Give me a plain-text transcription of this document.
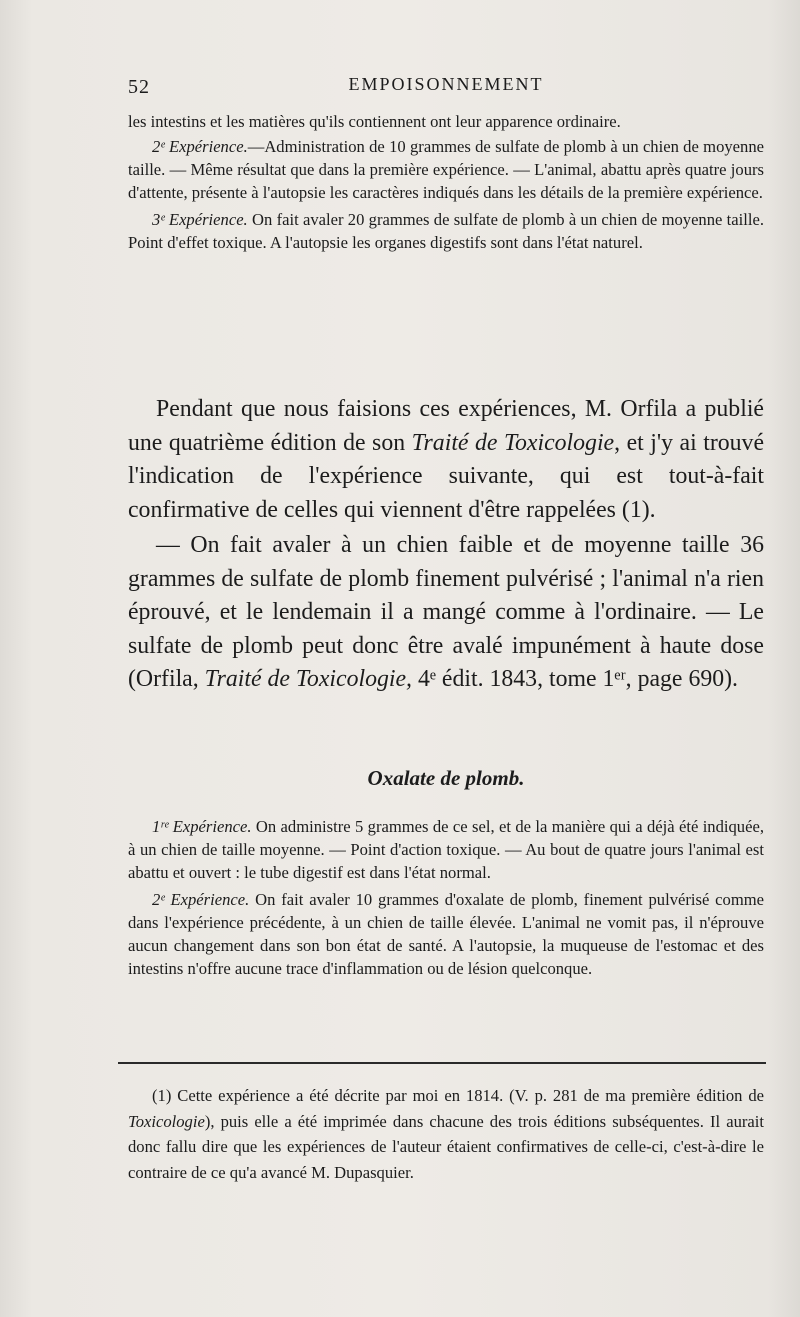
52	EMPOISONNEMENT

les intestins et les matières qu'ils contiennent ont leur apparence ordinaire.

2ᵉ Expérience.—Administration de 10 grammes de sulfate de plomb à un chien de moyenne taille. — Même résultat que dans la première expérience. — L'animal, abattu après quatre jours d'attente, présente à l'autopsie les caractères indiqués dans les détails de la première expérience.

3ᵉ Expérience. On fait avaler 20 grammes de sulfate de plomb à un chien de moyenne taille. Point d'effet toxique. A l'autopsie les organes digestifs sont dans l'état naturel.

Pendant que nous faisions ces expériences, M. Orfila a publié une quatrième édition de son Traité de Toxicologie, et j'y ai trouvé l'indication de l'expérience suivante, qui est tout-à-fait confirmative de celles qui viennent d'être rappelées (1).

— On fait avaler à un chien faible et de moyenne taille 36 grammes de sulfate de plomb finement pulvérisé ; l'animal n'a rien éprouvé, et le lendemain il a mangé comme à l'ordinaire. — Le sulfate de plomb peut donc être avalé impunément à haute dose (Orfila, Traité de Toxicologie, 4ᵉ édit. 1843, tome 1ᵉʳ, page 690).

Oxalate de plomb.

1ʳᵉ Expérience. On administre 5 grammes de ce sel, et de la manière qui a déjà été indiquée, à un chien de taille moyenne. — Point d'action toxique. — Au bout de quatre jours l'animal est abattu et ouvert : le tube digestif est dans l'état normal.

2ᵉ Expérience. On fait avaler 10 grammes d'oxalate de plomb, finement pulvérisé comme dans l'expérience précédente, à un chien de taille élevée. L'animal ne vomit pas, il n'éprouve aucun changement dans son bon état de santé. A l'autopsie, la muqueuse de l'estomac et des intestins n'offre aucune trace d'inflammation ou de lésion quelconque.

(1) Cette expérience a été décrite par moi en 1814. (V. p. 281 de ma première édition de Toxicologie), puis elle a été imprimée dans chacune des trois éditions subséquentes. Il aurait donc fallu dire que les expériences de l'auteur étaient confirmatives de celle-ci, c'est-à-dire le contraire de ce qu'a avancé M. Dupasquier.
